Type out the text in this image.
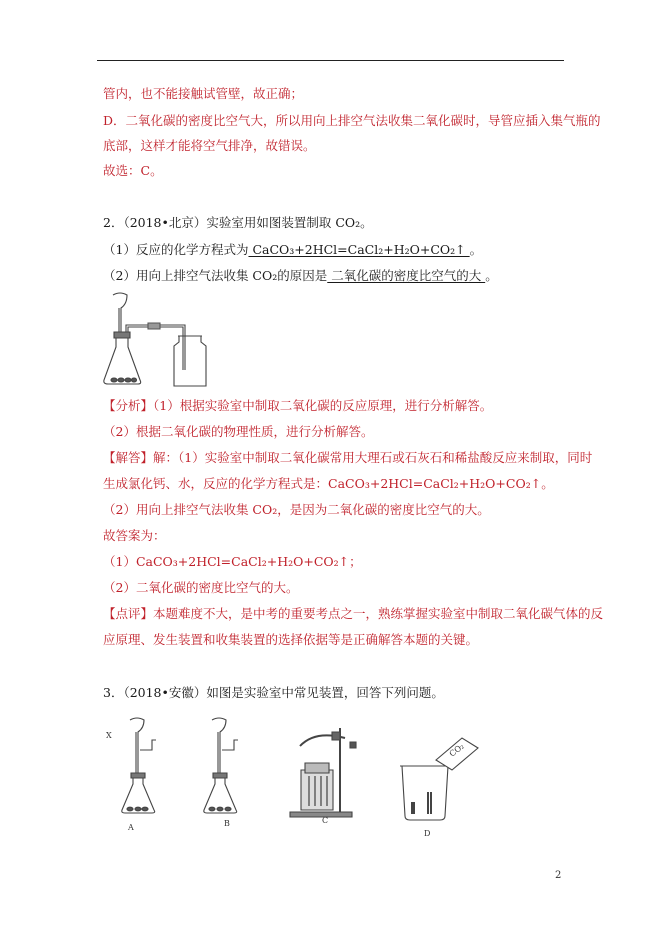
管内，也不能接触试管壁，故正确；
D．二氧化碳的密度比空气大，所以用向上排空气法收集二氧化碳时，导管应插入集气瓶的
底部，这样才能将空气排净，故错误。
故选：C。
2．（2018•北京）实验室用如图装置制取 CO₂。
（1）反应的化学方程式为 CaCO₃+2HCl=CaCl₂+H₂O+CO₂↑ 。
（2）用向上排空气法收集 CO₂的原因是 二氧化碳的密度比空气的大 。
【分析】（1）根据实验室中制取二氧化碳的反应原理，进行分析解答。
（2）根据二氧化碳的物理性质，进行分析解答。
【解答】解：（1）实验室中制取二氧化碳常用大理石或石灰石和稀盐酸反应来制取，同时
生成氯化钙、水，反应的化学方程式是：CaCO₃+2HCl=CaCl₂+H₂O+CO₂↑。
（2）用向上排空气法收集 CO₂，是因为二氧化碳的密度比空气的大。
故答案为：
（1）CaCO₃+2HCl=CaCl₂+H₂O+CO₂↑；
（2）二氧化碳的密度比空气的大。
【点评】本题难度不大，是中考的重要考点之一，熟练掌握实验室中制取二氧化碳气体的反
应原理、发生装置和收集装置的选择依据等是正确解答本题的关键。
3．（2018•安徽）如图是实验室中常见装置，回答下列问题。
X
A	B	C
CO₂
D
2
